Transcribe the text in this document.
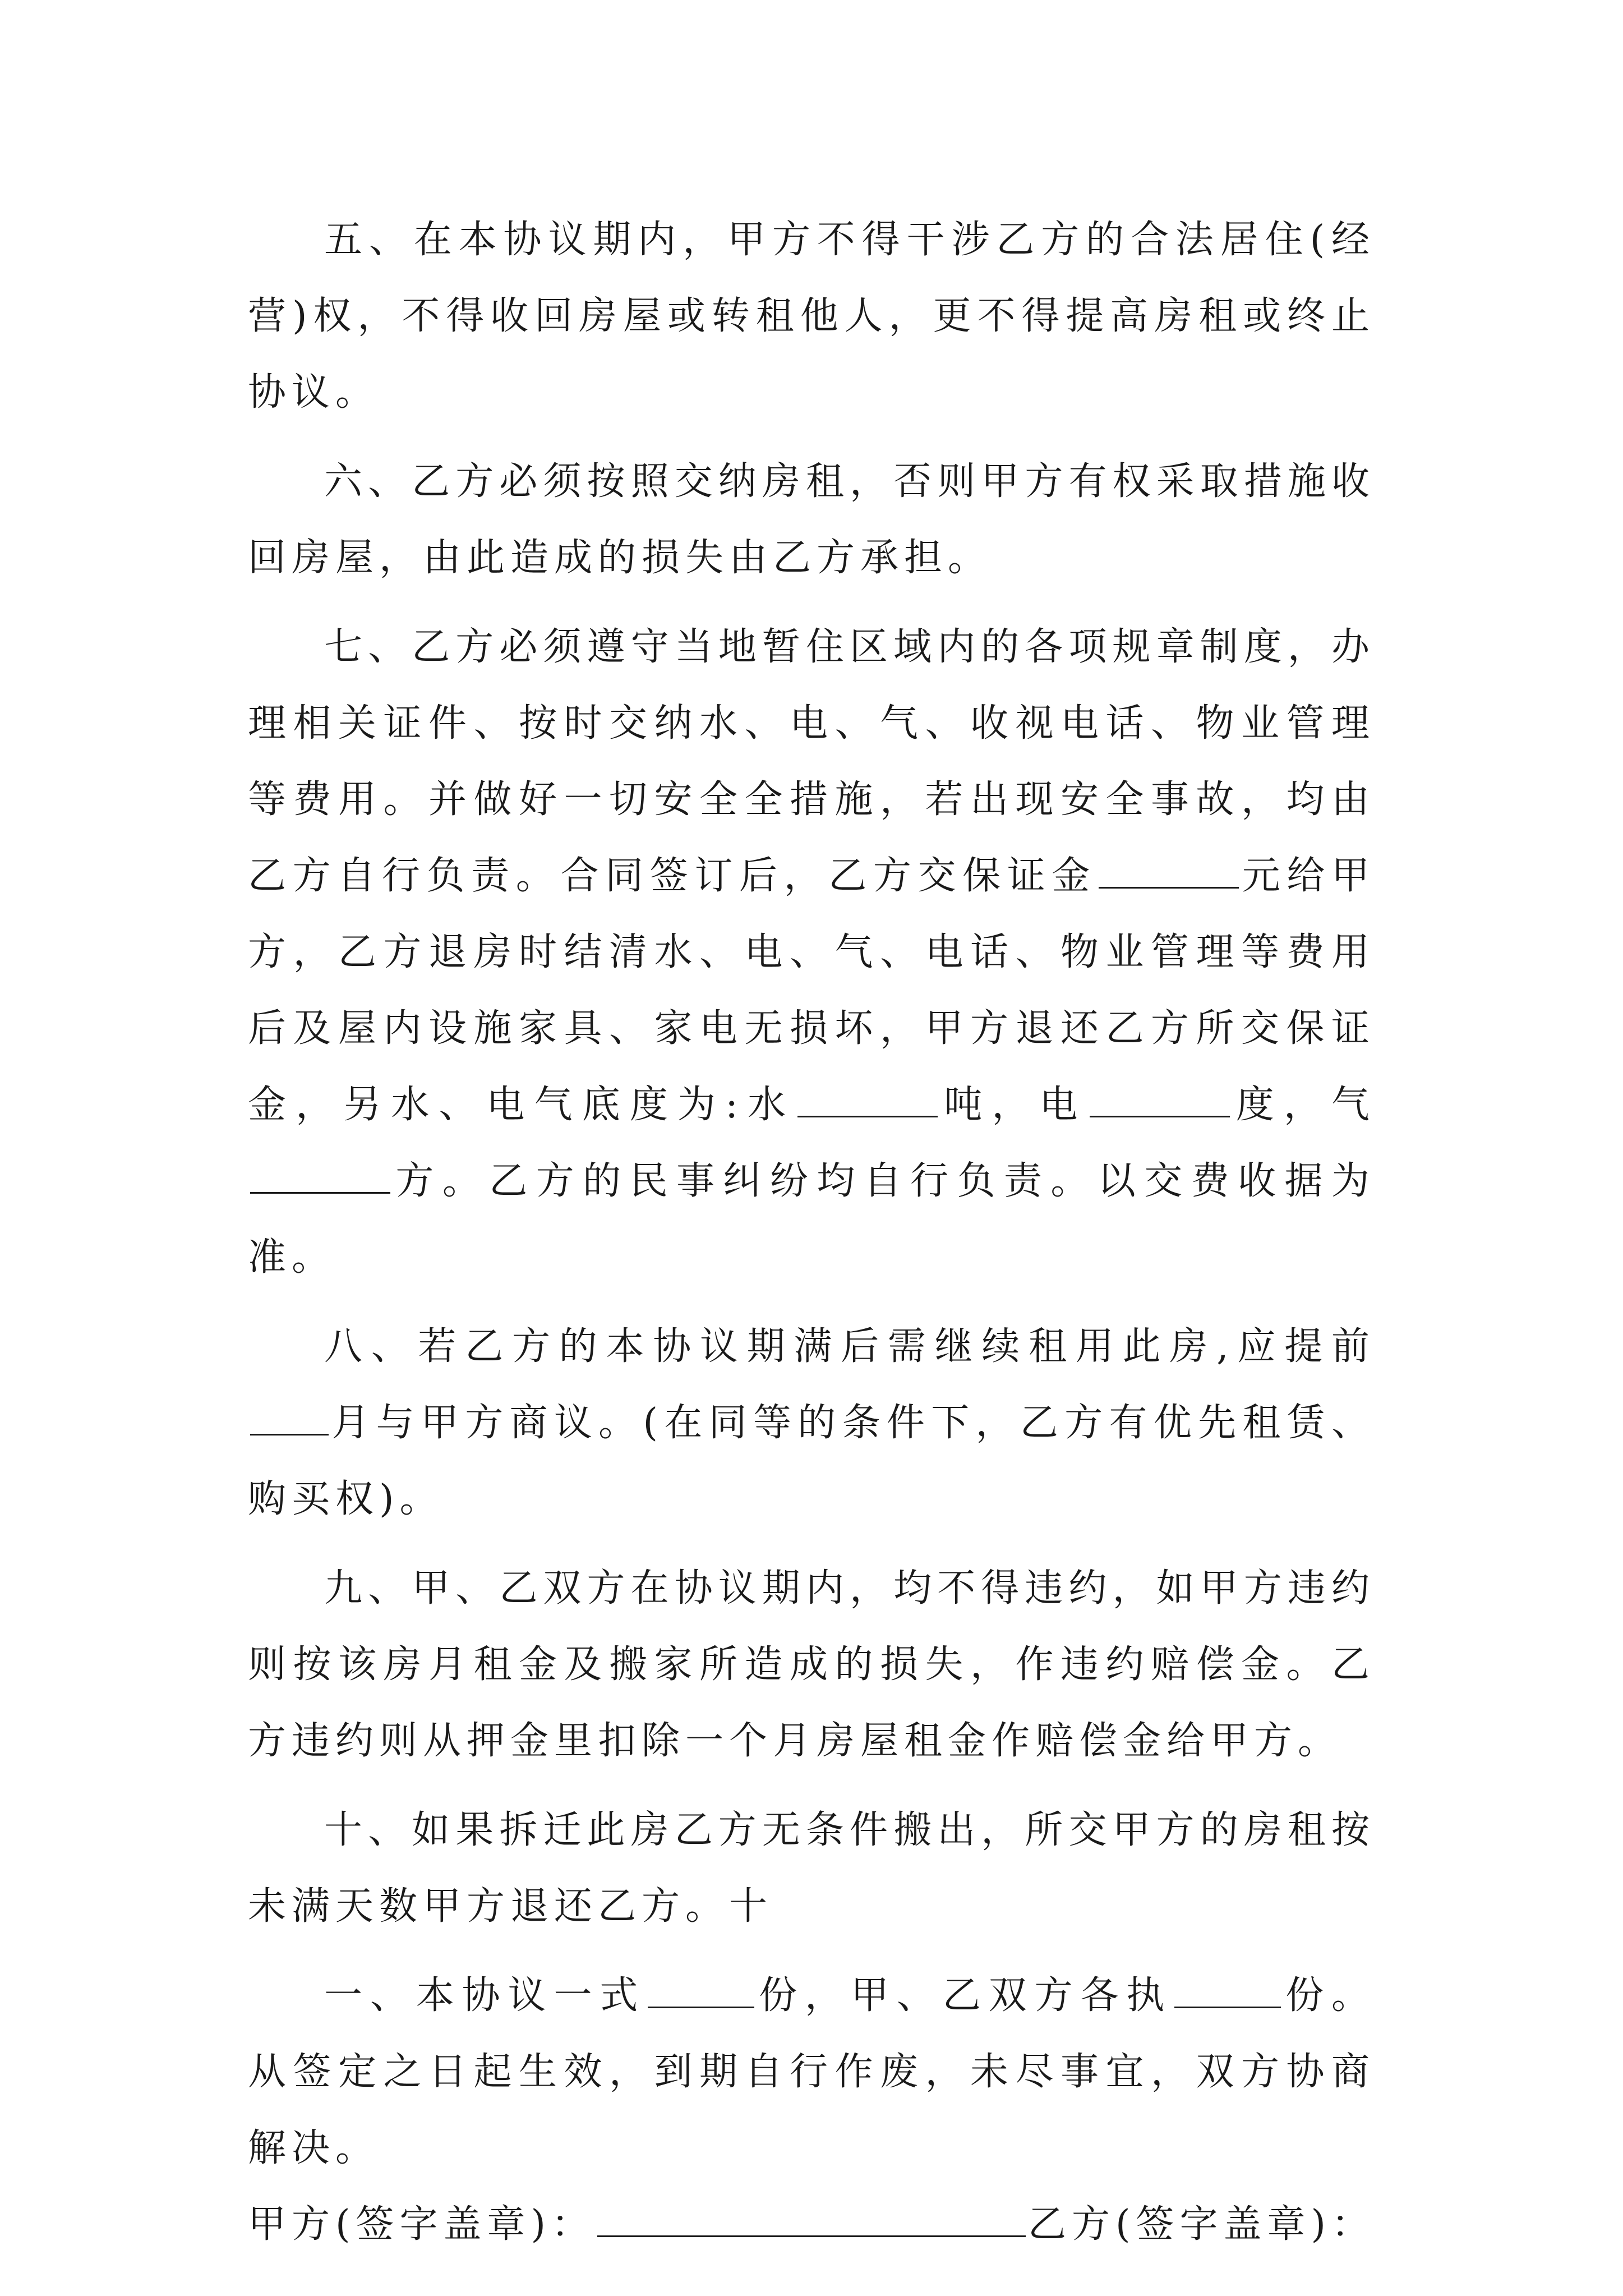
五、在本协议期内，甲方不得干涉乙方的合法居住(经营)权，不得收回房屋或转租他人，更不得提高房租或终止协议。

六、乙方必须按照交纳房租，否则甲方有权采取措施收回房屋，由此造成的损失由乙方承担。

七、乙方必须遵守当地暂住区域内的各项规章制度，办理相关证件、按时交纳水、电、气、收视电话、物业管理等费用。并做好一切安全全措施，若出现安全事故，均由乙方自行负责。合同签订后，乙方交保证金	元给甲方，乙方退房时结清水、电、气、电话、物业管理等费用后及屋内设施家具、家电无损坏，甲方退还乙方所交保证金，另水、电气底度为:水	吨，电	度，气方。乙方的民事纠纷均自行负责。以交费收据为准。

八、若乙方的本协议期满后需继续租用此房,应提前月与甲方商议。(在同等的条件下，乙方有优先租赁、购买权)。

九、甲、乙双方在协议期内，均不得违约，如甲方违约则按该房月租金及搬家所造成的损失，作违约赔偿金。乙方违约则从押金里扣除一个月房屋租金作赔偿金给甲方。

十、如果拆迁此房乙方无条件搬出，所交甲方的房租按未满天数甲方退还乙方。十

一、本协议一式	份，甲、乙双方各执	份。从签定之日起生效，到期自行作废，未尽事宜，双方协商解决。

甲方(签字盖章)：	乙方(签字盖章)：
